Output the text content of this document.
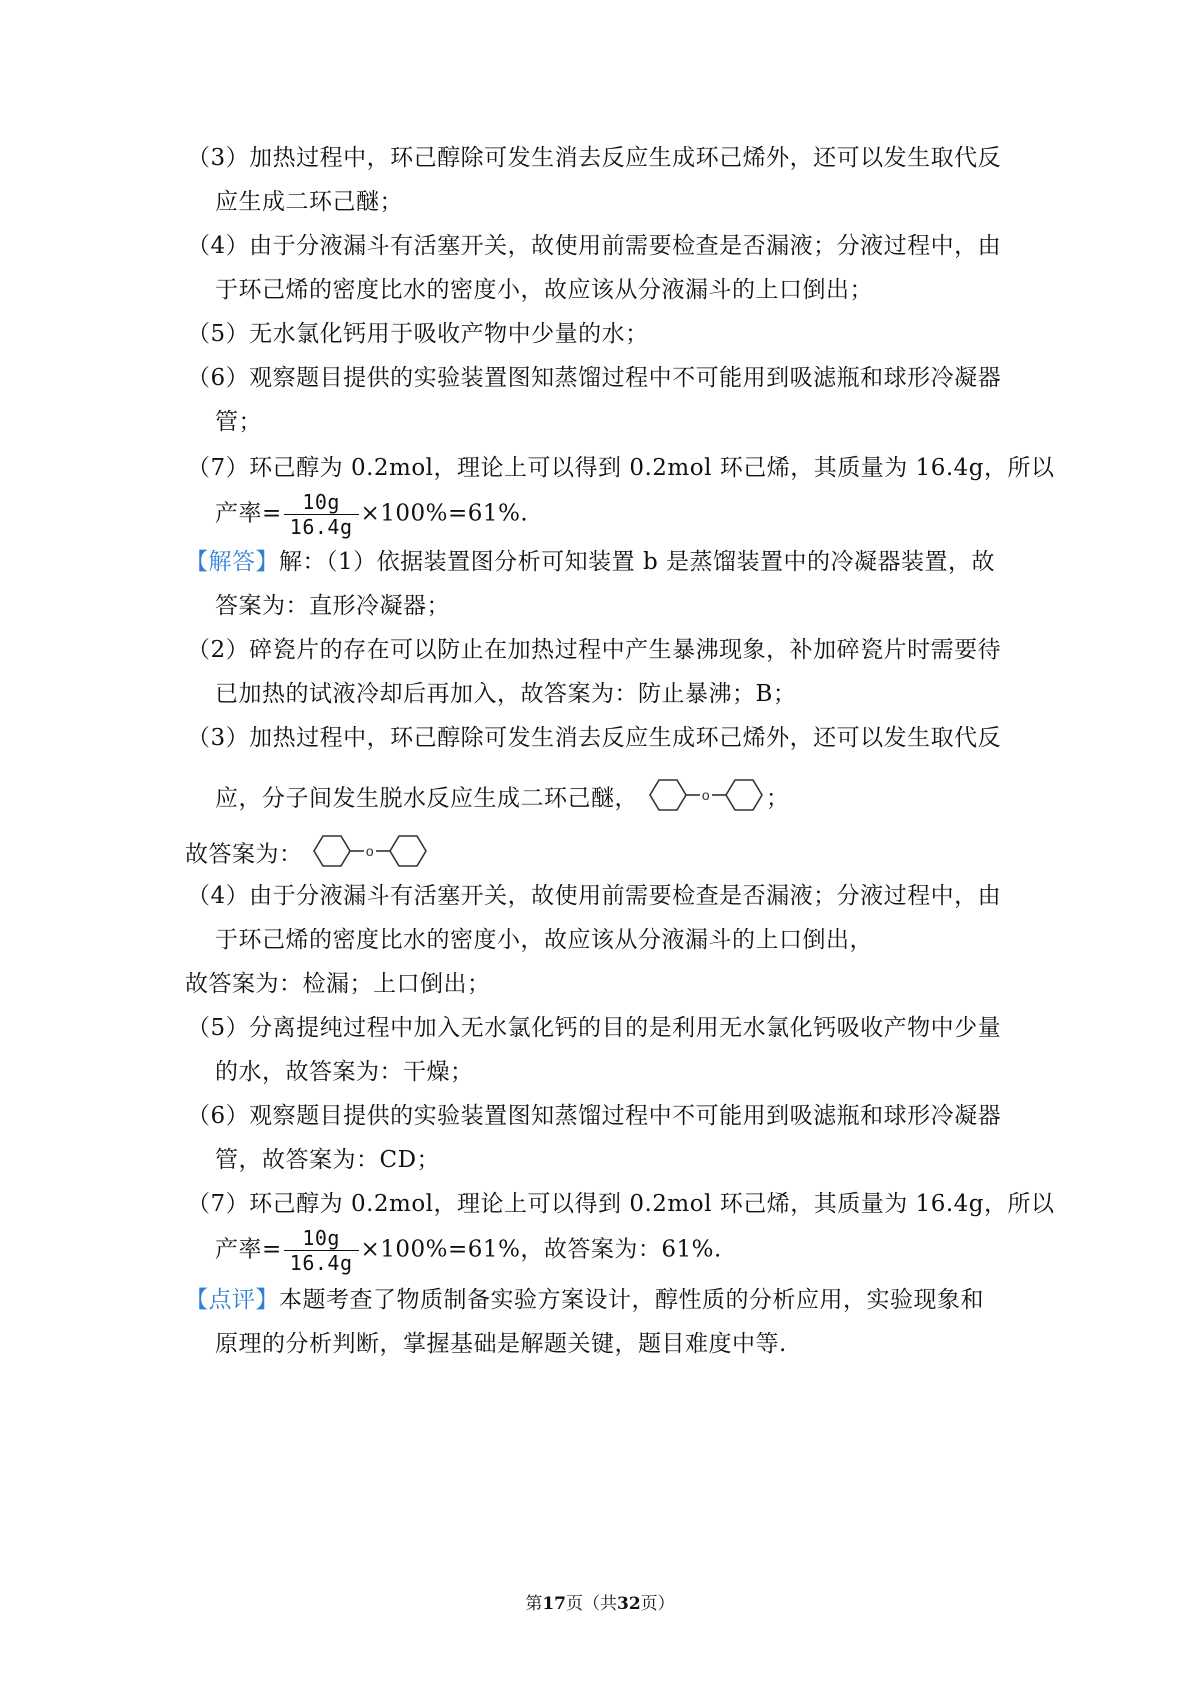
（3）加热过程中，环己醇除可发生消去反应生成环己烯外，还可以发生取代反
应生成二环己醚；
（4）由于分液漏斗有活塞开关，故使用前需要检查是否漏液；分液过程中，由
于环己烯的密度比水的密度小，故应该从分液漏斗的上口倒出；
（5）无水氯化钙用于吸收产物中少量的水；
（6）观察题目提供的实验装置图知蒸馏过程中不可能用到吸滤瓶和球形冷凝器
管；
（7）环己醇为 0.2mol，理论上可以得到 0.2mol 环己烯，其质量为 16.4g，所以
产率= $\frac{10g}{16.4g} \times 100\%=61\%$.
【解答】解：（1）依据装置图分析可知装置 b 是蒸馏装置中的冷凝器装置，故
答案为：直形冷凝器；
（2）碎瓷片的存在可以防止在加热过程中产生暴沸现象，补加碎瓷片时需要待
已加热的试液冷却后再加入，故答案为：防止暴沸；B；
（3）加热过程中，环己醇除可发生消去反应生成环己烯外，还可以发生取代反
应，分子间发生脱水反应生成二环己醚，	o ；
故答案为：	o
（4）由于分液漏斗有活塞开关，故使用前需要检查是否漏液；分液过程中，由
于环己烯的密度比水的密度小，故应该从分液漏斗的上口倒出，
故答案为：检漏；上口倒出；
（5）分离提纯过程中加入无水氯化钙的目的是利用无水氯化钙吸收产物中少量
的水，故答案为：干燥；
（6）观察题目提供的实验装置图知蒸馏过程中不可能用到吸滤瓶和球形冷凝器
管，故答案为：CD；
（7）环己醇为 0.2mol，理论上可以得到 0.2mol 环己烯，其质量为 16.4g，所以
产率= $\frac{10g}{16.4g} \times 100\%=61\%$，故答案为：61%.
【点评】本题考查了物质制备实验方案设计，醇性质的分析应用，实验现象和
原理的分析判断，掌握基础是解题关键，题目难度中等.
第17页（共32页）
